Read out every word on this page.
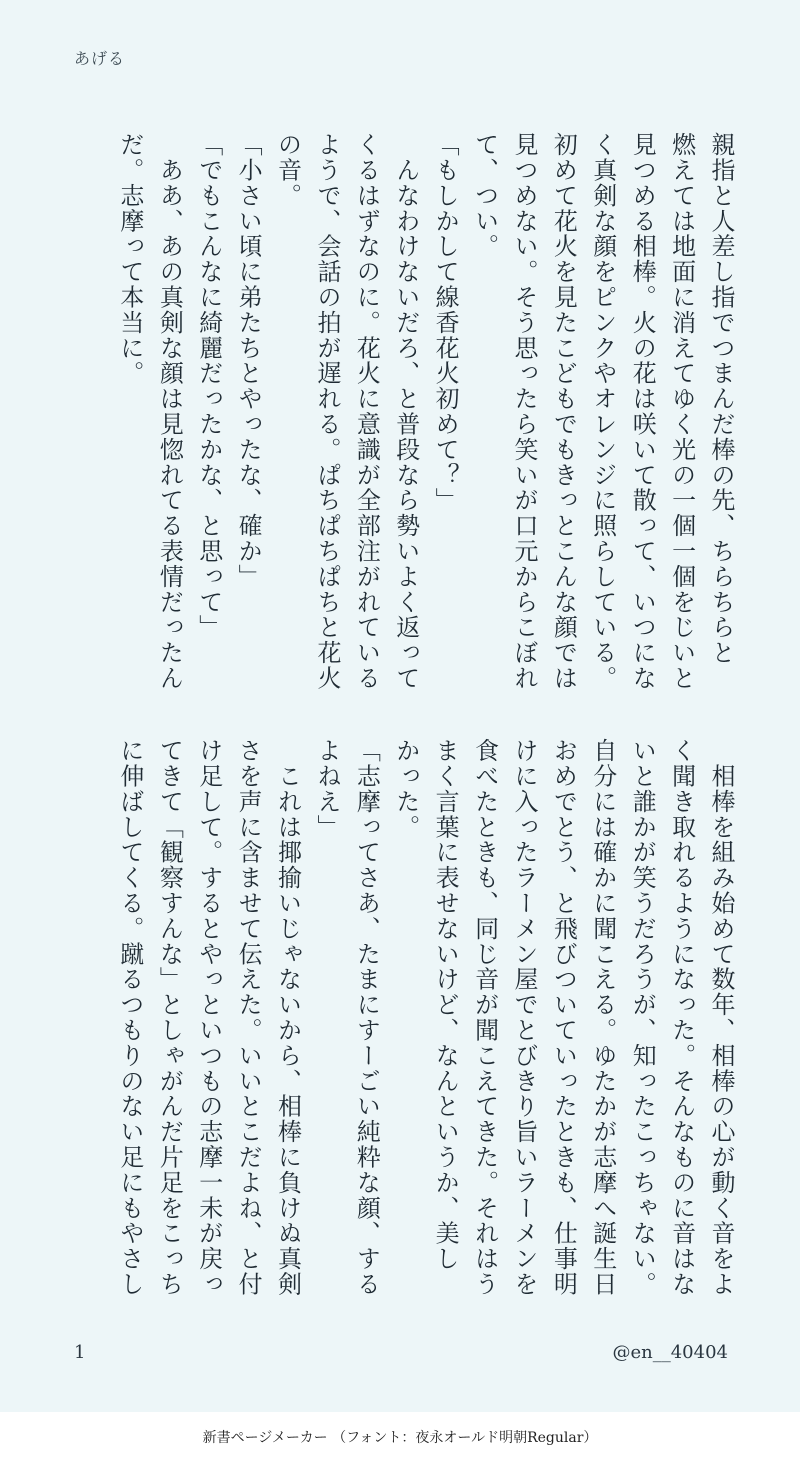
あげる
親指と人差し指でつまんだ棒の先、ちらちらと
燃えては地面に消えてゆく光の一個一個をじいと
見つめる相棒。火の花は咲いて散って、いつにな
く真剣な顔をピンクやオレンジに照らしている。
初めて花火を見たこどもでもきっとこんな顔では
見つめない。そう思ったら笑いが口元からこぼれ
て、つい。
「もしかして線香花火初めて？」
　んなわけないだろ、と普段なら勢いよく返って
くるはずなのに。花火に意識が全部注がれている
ようで、会話の拍が遅れる。ぱちぱちぱちと花火
の音。
「小さい頃に弟たちとやったな、確か」
「でもこんなに綺麗だったかな、と思って」
　ああ、あの真剣な顔は見惚れてる表情だったん
だ。志摩って本当に。
　相棒を組み始めて数年、相棒の心が動く音をよ
く聞き取れるようになった。そんなものに音はな
いと誰かが笑うだろうが、知ったこっちゃない。
自分には確かに聞こえる。ゆたかが志摩へ誕生日
おめでとう、と飛びついていったときも、仕事明
けに入ったラーメン屋でとびきり旨いラーメンを
食べたときも、同じ音が聞こえてきた。それはう
まく言葉に表せないけど、なんというか、美し
かった。
「志摩ってさあ、たまにすーごい純粋な顔、する
よねえ」
　これは揶揄いじゃないから、相棒に負けぬ真剣
さを声に含ませて伝えた。いいとこだよね、と付
け足して。するとやっといつもの志摩一未が戻っ
てきて「観察すんな」としゃがんだ片足をこっち
に伸ばしてくる。蹴るつもりのない足にもやさし
1	@en__40404
新書ページメーカー （フォント：夜永オールド明朝Regular）
